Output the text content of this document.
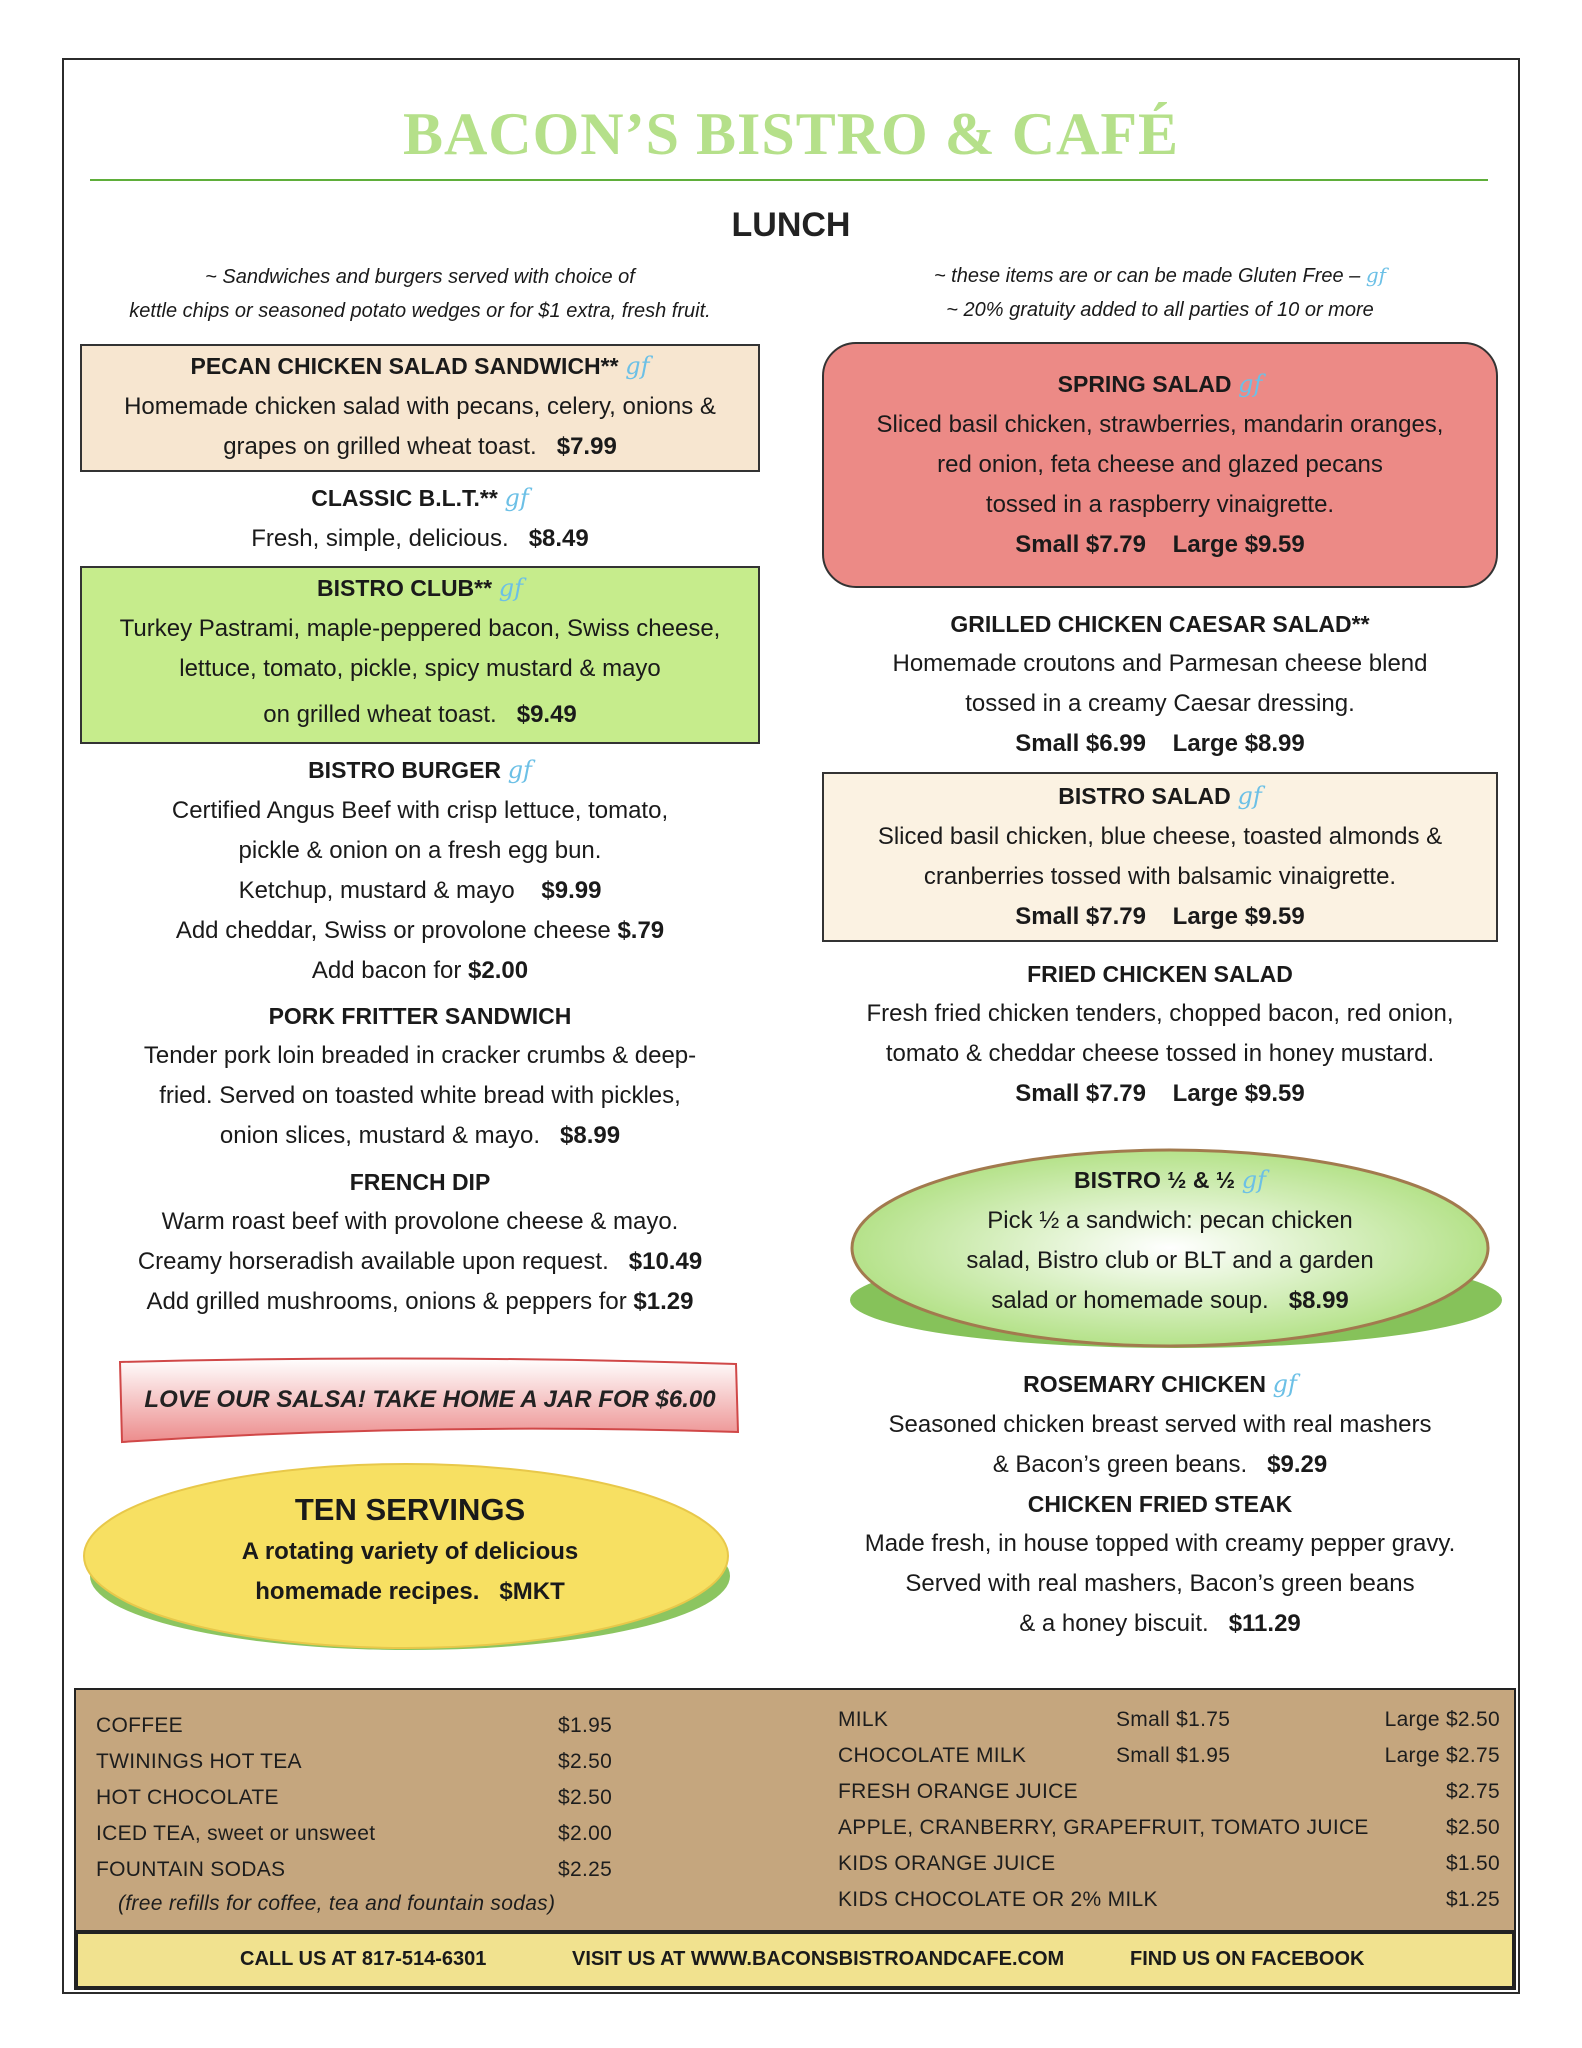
BACON’S BISTRO & CAFÉ
LUNCH
~ Sandwiches and burgers served with choice of
kettle chips or seasoned potato wedges or for $1 extra, fresh fruit.
~ these items are or can be made Gluten Free – gf
~ 20% gratuity added to all parties of 10 or more
PECAN CHICKEN SALAD SANDWICH** gf
Homemade chicken salad with pecans, celery, onions &
grapes on grilled wheat toast. $7.99
CLASSIC B.L.T.** gf
Fresh, simple, delicious. $8.49
BISTRO CLUB** gf
Turkey Pastrami, maple-peppered bacon, Swiss cheese,
lettuce, tomato, pickle, spicy mustard & mayo
on grilled wheat toast. $9.49
BISTRO BURGER gf
Certified Angus Beef with crisp lettuce, tomato,
pickle & onion on a fresh egg bun.
Ketchup, mustard & mayo $9.99
Add cheddar, Swiss or provolone cheese $.79
Add bacon for $2.00
PORK FRITTER SANDWICH
Tender pork loin breaded in cracker crumbs & deep-
fried. Served on toasted white bread with pickles,
onion slices, mustard & mayo. $8.99
FRENCH DIP
Warm roast beef with provolone cheese & mayo.
Creamy horseradish available upon request. $10.49
Add grilled mushrooms, onions & peppers for $1.29
LOVE OUR SALSA! TAKE HOME A JAR FOR $6.00
TEN SERVINGS
A rotating variety of delicious
homemade recipes. $MKT
SPRING SALAD gf
Sliced basil chicken, strawberries, mandarin oranges,
red onion, feta cheese and glazed pecans
tossed in a raspberry vinaigrette.
Small $7.79 Large $9.59
GRILLED CHICKEN CAESAR SALAD**
Homemade croutons and Parmesan cheese blend
tossed in a creamy Caesar dressing.
Small $6.99 Large $8.99
BISTRO SALAD gf
Sliced basil chicken, blue cheese, toasted almonds &
cranberries tossed with balsamic vinaigrette.
Small $7.79 Large $9.59
FRIED CHICKEN SALAD
Fresh fried chicken tenders, chopped bacon, red onion,
tomato & cheddar cheese tossed in honey mustard.
Small $7.79 Large $9.59
BISTRO ½ & ½ gf
Pick ½ a sandwich: pecan chicken
salad, Bistro club or BLT and a garden
salad or homemade soup. $8.99
ROSEMARY CHICKEN gf
Seasoned chicken breast served with real mashers
& Bacon’s green beans. $9.29
CHICKEN FRIED STEAK
Made fresh, in house topped with creamy pepper gravy.
Served with real mashers, Bacon’s green beans
& a honey biscuit. $11.29
COFFEE	$1.95
TWININGS HOT TEA	$2.50
HOT CHOCOLATE	$2.50
ICED TEA, sweet or unsweet	$2.00
FOUNTAIN SODAS	$2.25
(free refills for coffee, tea and fountain sodas)
MILK	Small $1.75	Large $2.50
CHOCOLATE MILK	Small $1.95	Large $2.75
FRESH ORANGE JUICE	$2.75
APPLE, CRANBERRY, GRAPEFRUIT, TOMATO JUICE	$2.50
KIDS ORANGE JUICE	$1.50
KIDS CHOCOLATE OR 2% MILK	$1.25
CALL US AT 817-514-6301	VISIT US AT WWW.BACONSBISTROANDCAFE.COM	FIND US ON FACEBOOK
